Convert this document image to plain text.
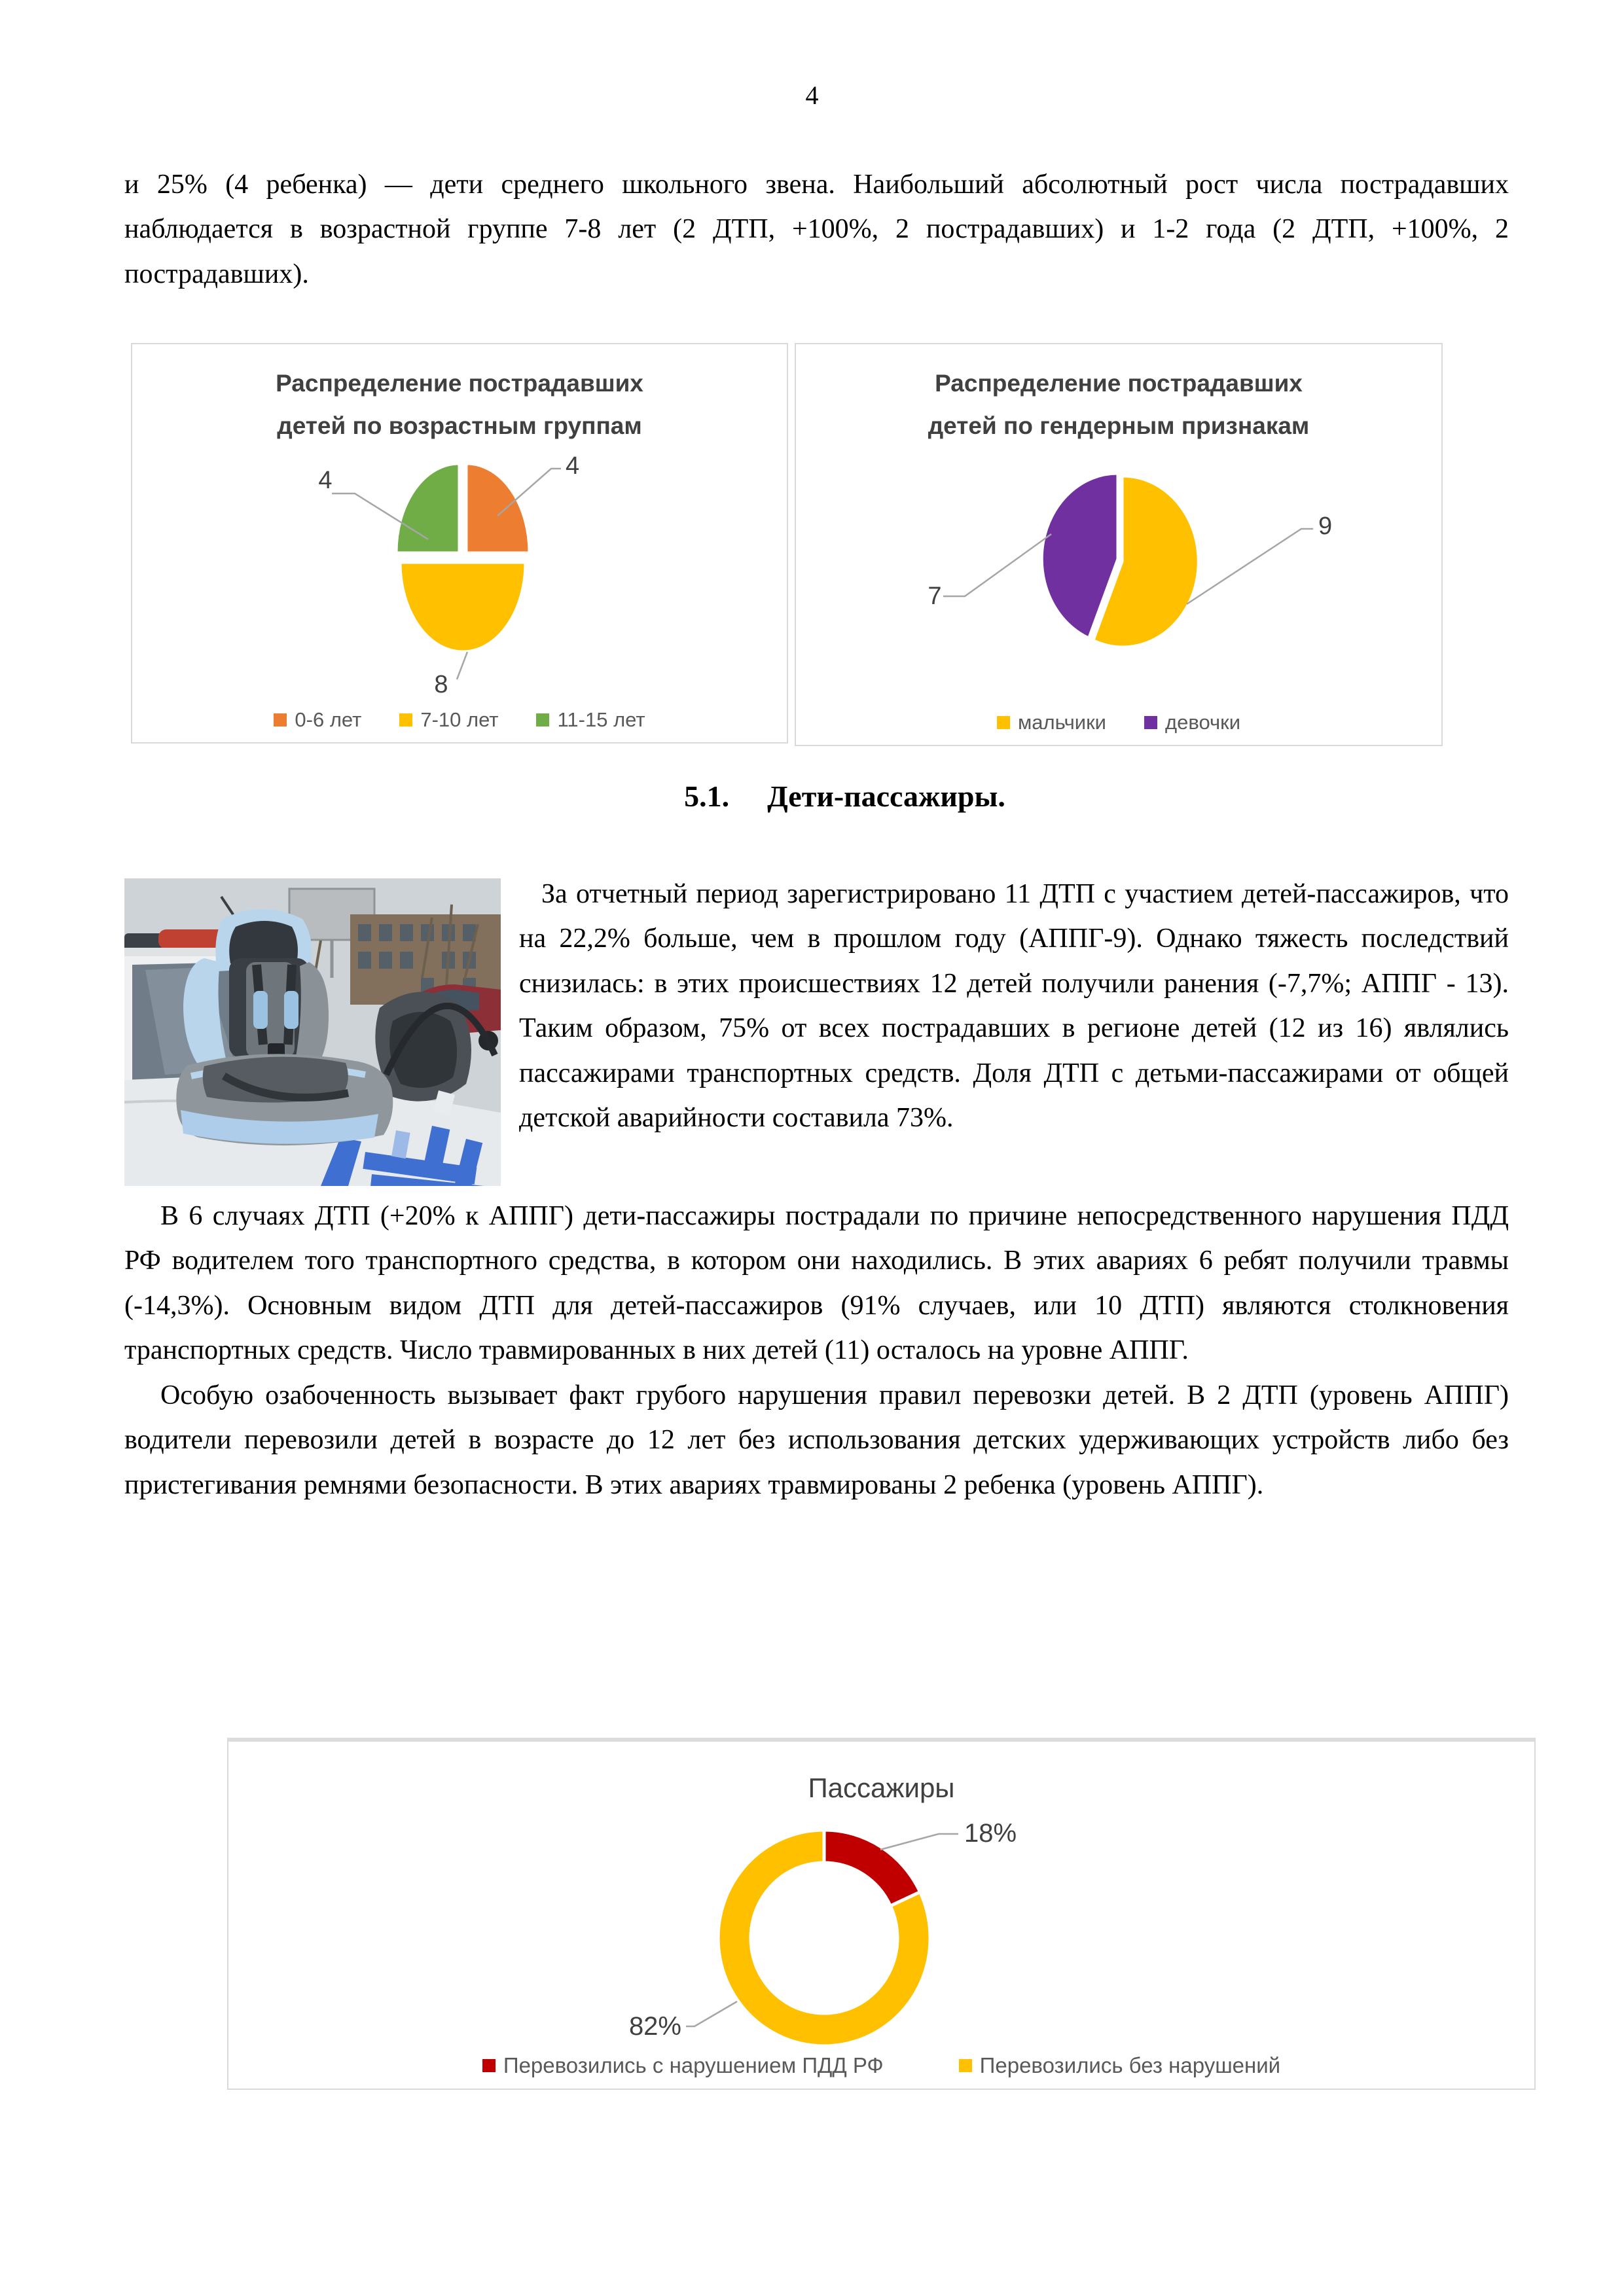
4

и 25% (4 ребенка) — дети среднего школьного звена. Наибольший абсолютный рост числа пострадавших наблюдается в возрастной группе 7-8 лет (2 ДТП, +100%, 2 пострадавших) и 1-2 года (2 ДТП, +100%, 2 пострадавших).

Распределение пострадавших детей по возрастным группам
4
4
8
0-6 лет	7-10 лет	11-15 лет
Распределение пострадавших детей по гендерным признакам
9
7
мальчики	девочки
5.1. Дети-пассажиры.

За отчетный период зарегистрировано 11 ДТП с участием детей-пассажиров, что на 22,2% больше, чем в прошлом году (АППГ-9). Однако тяжесть последствий снизилась: в этих происшествиях 12 детей получили ранения (-7,7%; АППГ - 13). Таким образом, 75% от всех пострадавших в регионе детей (12 из 16) являлись пассажирами транспортных средств. Доля ДТП с детьми-пассажирами от общей детской аварийности составила 73%.

В 6 случаях ДТП (+20% к АППГ) дети-пассажиры пострадали по причине непосредственного нарушения ПДД РФ водителем того транспортного средства, в котором они находились. В этих авариях 6 ребят получили травмы (-14,3%). Основным видом ДТП для детей-пассажиров (91% случаев, или 10 ДТП) являются столкновения транспортных средств. Число травмированных в них детей (11) осталось на уровне АППГ.

Особую озабоченность вызывает факт грубого нарушения правил перевозки детей. В 2 ДТП (уровень АППГ) водители перевозили детей в возрасте до 12 лет без использования детских удерживающих устройств либо без пристегивания ремнями безопасности. В этих авариях травмированы 2 ребенка (уровень АППГ).

Пассажиры
18%
82%
Перевозились с нарушением ПДД РФ	Перевозились без нарушений
